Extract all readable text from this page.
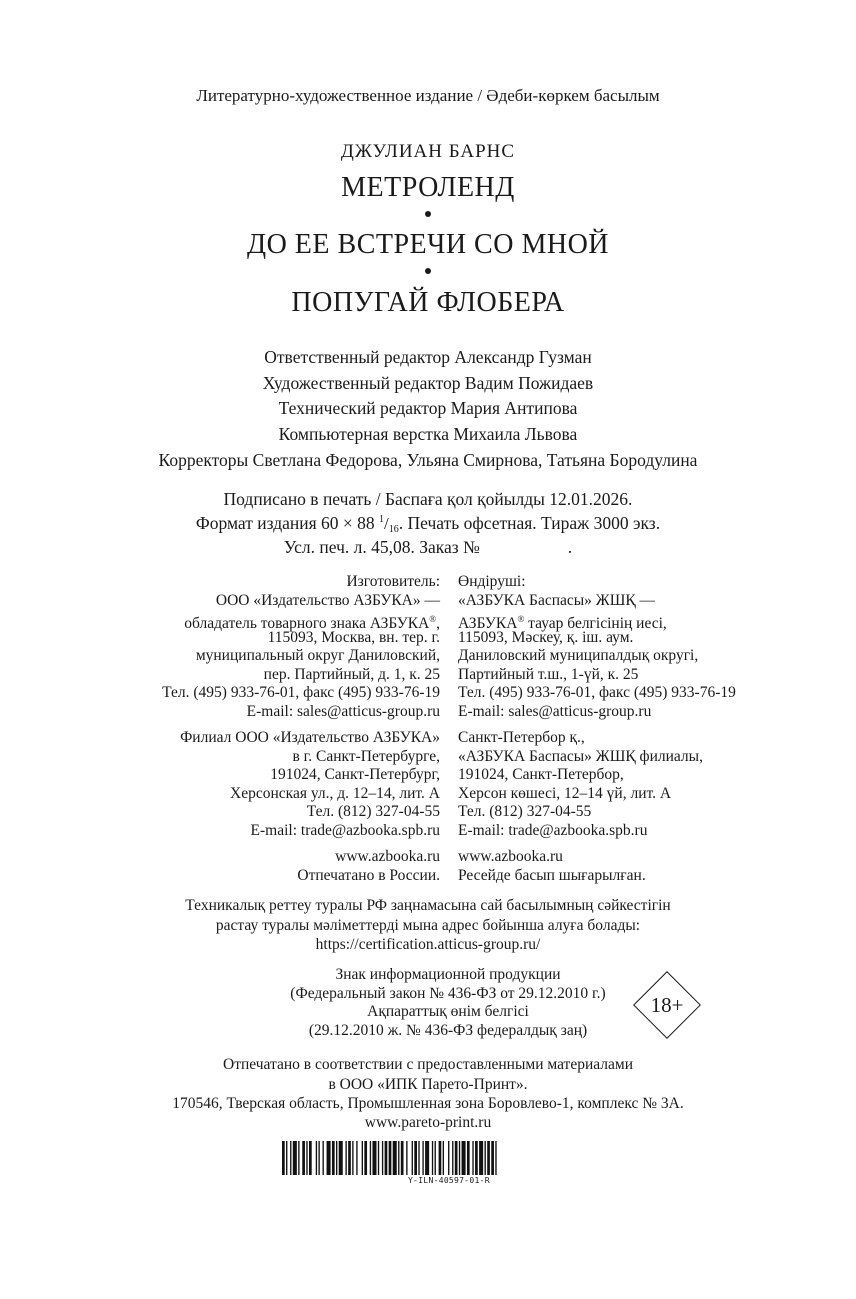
Литературно-художественное издание / Әдеби-көркем басылым
ДЖУЛИАН БАРНС
МЕТРОЛЕНД
ДО ЕЕ ВСТРЕЧИ СО МНОЙ
ПОПУГАЙ ФЛОБЕРА
Ответственный редактор Александр Гузман
Художественный редактор Вадим Пожидаев
Технический редактор Мария Антипова
Компьютерная верстка Михаила Львова
Корректоры Светлана Федорова, Ульяна Смирнова, Татьяна Бородулина
Подписано в печать / Баспаға қол қойылды 12.01.2026.
Формат издания 60 × 88 $^1/_{16}$. Печать офсетная. Тираж 3000 экз.
Усл. печ. л. 45,08. Заказ №	.
Изготовитель:
ООО «Издательство АЗБУКА» —
обладатель товарного знака АЗБУКА®,
115093, Москва, вн. тер. г.
муниципальный округ Даниловский,
пер. Партийный, д. 1, к. 25
Тел. (495) 933-76-01, факс (495) 933-76-19
E-mail: sales@atticus-group.ru
Өндіруші:
«АЗБУКА Баспасы» ЖШҚ —
АЗБУКА® тауар белгісінің иесі,
115093, Мәскеу, қ. іш. аум.
Даниловский муниципалдық округі,
Партийный т.ш., 1-үй, к. 25
Тел. (495) 933-76-01, факс (495) 933-76-19
E-mail: sales@atticus-group.ru
Филиал ООО «Издательство АЗБУКА»
в г. Санкт-Петербурге,
191024, Санкт-Петербург,
Херсонская ул., д. 12–14, лит. А
Тел. (812) 327-04-55
E-mail: trade@azbooka.spb.ru
Санкт-Петербор қ.,
«АЗБУКА Баспасы» ЖШҚ филиалы,
191024, Санкт-Петербор,
Херсон көшесі, 12–14 үй, лит. А
Тел. (812) 327-04-55
E-mail: trade@azbooka.spb.ru
www.azbooka.ru
Отпечатано в России.
www.azbooka.ru
Ресейде басып шығарылған.
Техникалық реттеу туралы РФ заңнамасына сай басылымның сәйкестігін
растау туралы мәліметтерді мына адрес бойынша алуға болады:
https://certification.atticus-group.ru/
Знак информационной продукции
(Федеральный закон № 436-ФЗ от 29.12.2010 г.)
Ақпараттық өнім белгісі
(29.12.2010 ж. № 436-ФЗ федералдық заң)
18+
Отпечатано в соответствии с предоставленными материалами
в ООО «ИПК Парето-Принт».
170546, Тверская область, Промышленная зона Боровлево-1, комплекс № 3А.
www.pareto-print.ru
Y-ILN-40597-01-R
